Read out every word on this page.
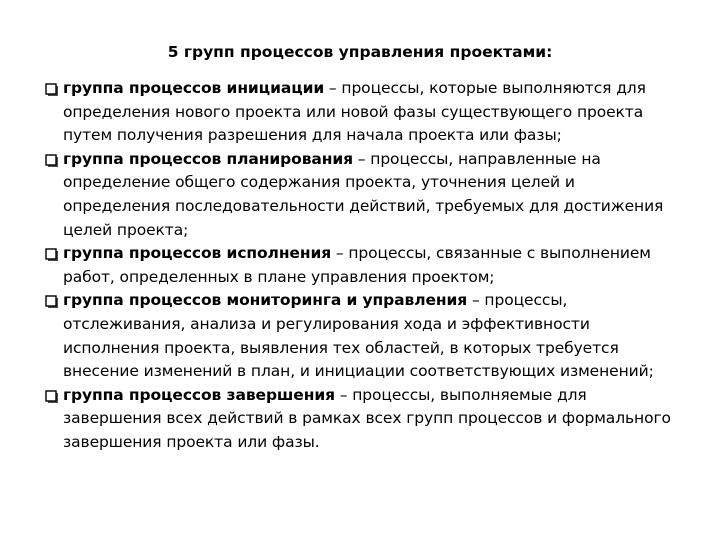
5 групп процессов управления проектами:
группа процессов инициации – процессы, которые выполняются для определения нового проекта или новой фазы существующего проекта путем получения разрешения для начала проекта или фазы;
группа процессов планирования – процессы, направленные на определение общего содержания проекта, уточнения целей и определения последовательности действий, требуемых для достижения целей проекта;
группа процессов исполнения – процессы, связанные с выполнением работ, определенных в плане управления проектом;
группа процессов мониторинга и управления – процессы, отслеживания, анализа и регулирования хода и эффективности исполнения проекта, выявления тех областей, в которых требуется внесение изменений в план, и инициации соответствующих изменений;
группа процессов завершения – процессы, выполняемые для завершения всех действий в рамках всех групп процессов и формального завершения проекта или фазы.
